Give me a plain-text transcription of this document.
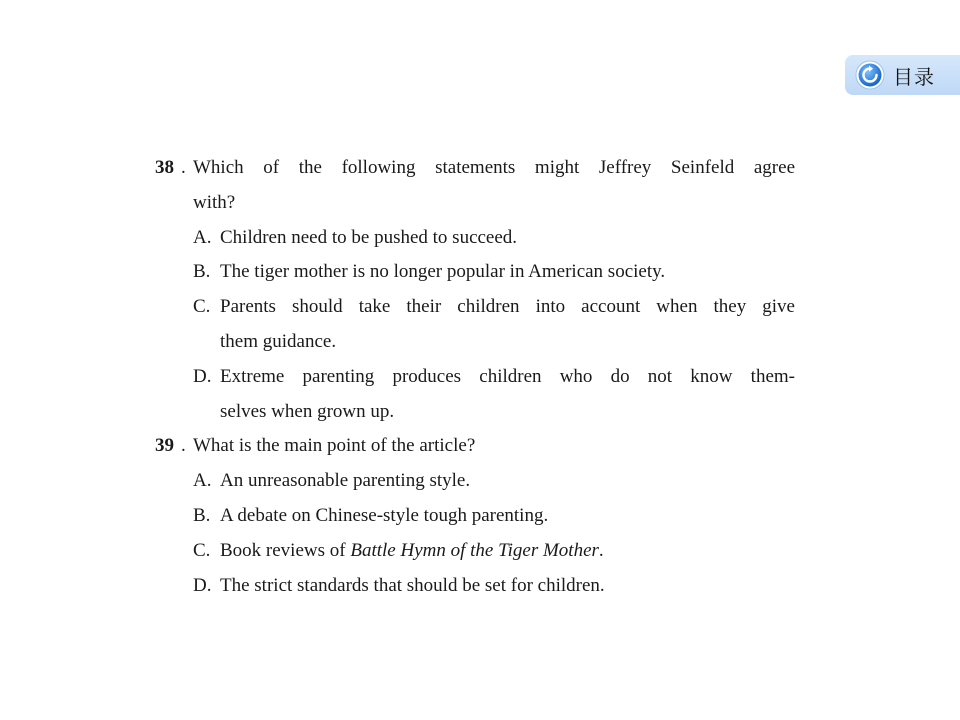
目录
38 . Which of the following statements might Jeffrey Seinfeld agree
with?
A. Children need to be pushed to succeed.
B. The tiger mother is no longer popular in American society.
C. Parents should take their children into account when they give
them guidance.
D. Extreme parenting produces children who do not know them-
selves when grown up.
39 . What is the main point of the article?
A. An unreasonable parenting style.
B. A debate on Chinese-style tough parenting.
C. Book reviews of Battle Hymn of the Tiger Mother.
D. The strict standards that should be set for children.
